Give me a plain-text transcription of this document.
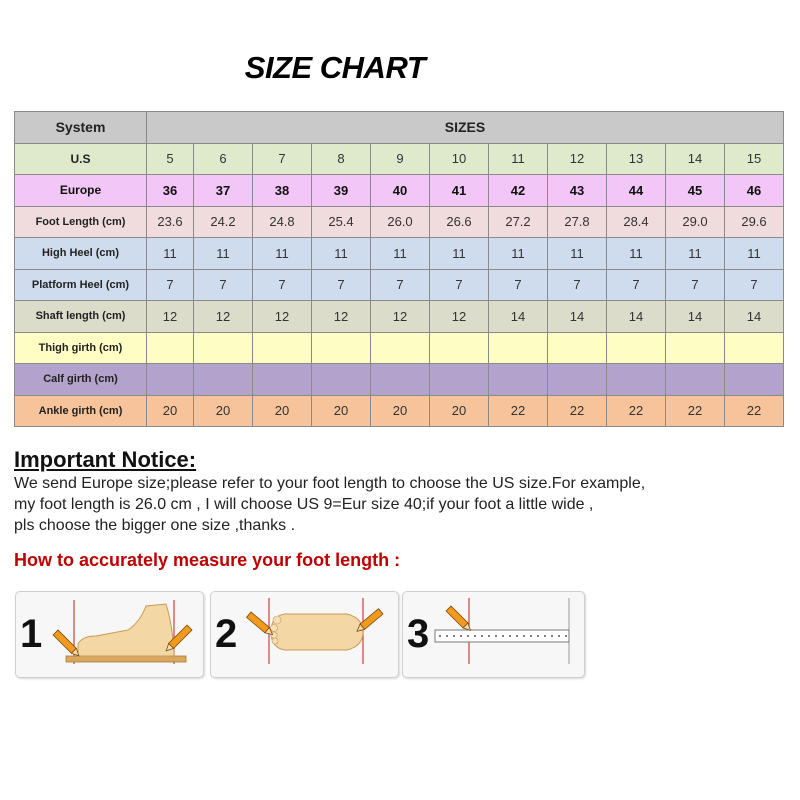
SIZE CHART
System	SIZES										
U.S	5	6	7	8	9	10	11	12	13	14	15
Europe	36	37	38	39	40	41	42	43	44	45	46
Foot Length (cm)	23.6	24.2	24.8	25.4	26.0	26.6	27.2	27.8	28.4	29.0	29.6
High Heel (cm)	11	11	11	11	11	11	11	11	11	11	11
Platform Heel (cm)	7	7	7	7	7	7	7	7	7	7	7
Shaft length (cm)	12	12	12	12	12	12	14	14	14	14	14
Thigh girth (cm)											
Calf girth (cm)											
Ankle girth (cm)	20	20	20	20	20	20	22	22	22	22	22
Important Notice:
We send Europe size;please refer to your foot length to choose the US size.For example,
my foot length is 26.0 cm , I will choose US 9=Eur size 40;if your foot a little wide ,
pls choose the bigger one size ,thanks .
How to accurately measure your foot length :
1	2	3
